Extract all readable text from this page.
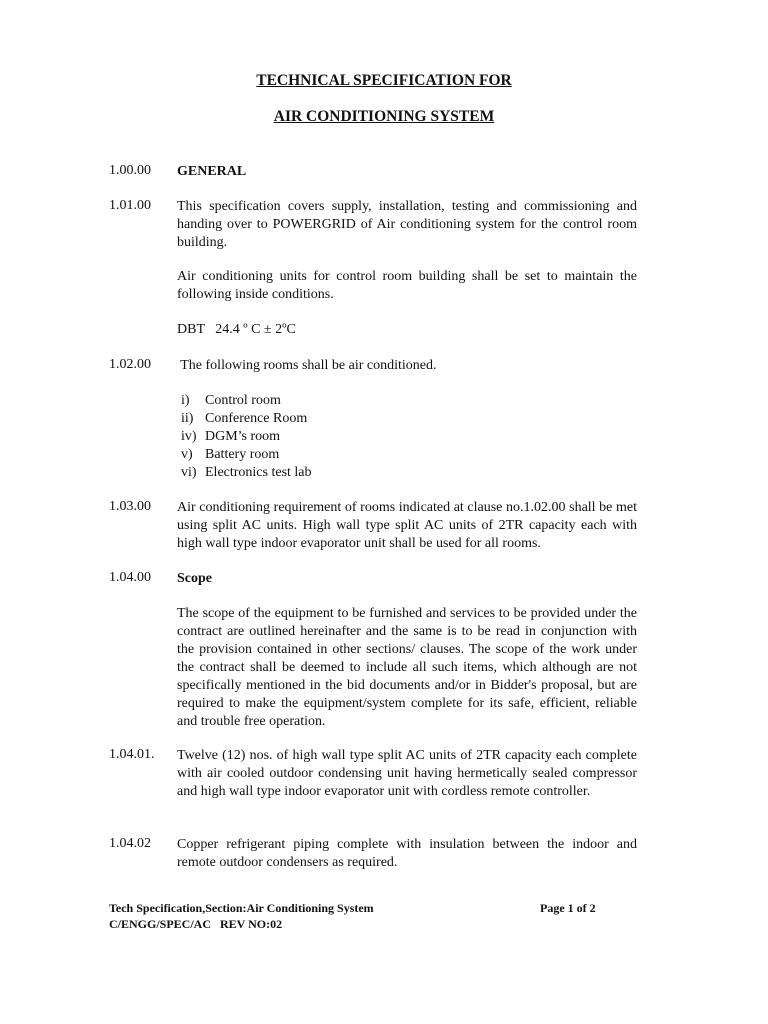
TECHNICAL SPECIFICATION FOR
AIR CONDITIONING SYSTEM
1.00.00 GENERAL
1.01.00 This specification covers supply, installation, testing and commissioning and handing over to POWERGRID of Air conditioning system for the control room building.
Air conditioning units for control room building shall be set to maintain the following inside conditions.
DBT   24.4 º C ± 2ºC
1.02.00 The following rooms shall be air conditioned.
i) Control room
ii) Conference Room
iv) DGM’s room
v) Battery room
vi) Electronics test lab
1.03.00 Air conditioning requirement of rooms indicated at clause no.1.02.00 shall be met using split AC units. High wall type split AC units of 2TR capacity each with high wall type indoor evaporator unit shall be used for all rooms.
1.04.00 Scope
The scope of the equipment to be furnished and services to be provided under the contract are outlined hereinafter and the same is to be read in conjunction with the provision contained in other sections/ clauses. The scope of the work under the contract shall be deemed to include all such items, which although are not specifically mentioned in the bid documents and/or in Bidder's proposal, but are required to make the equipment/system complete for its safe, efficient, reliable and trouble free operation.
1.04.01. Twelve (12) nos. of high wall type split AC units of 2TR capacity each complete with air cooled outdoor condensing unit having hermetically sealed compressor and high wall type indoor evaporator unit with cordless remote controller.
1.04.02 Copper refrigerant piping complete with insulation between the indoor and remote outdoor condensers as required.
Tech Specification,Section:Air Conditioning System
C/ENGG/SPEC/AC   REV NO:02
Page 1 of 2
